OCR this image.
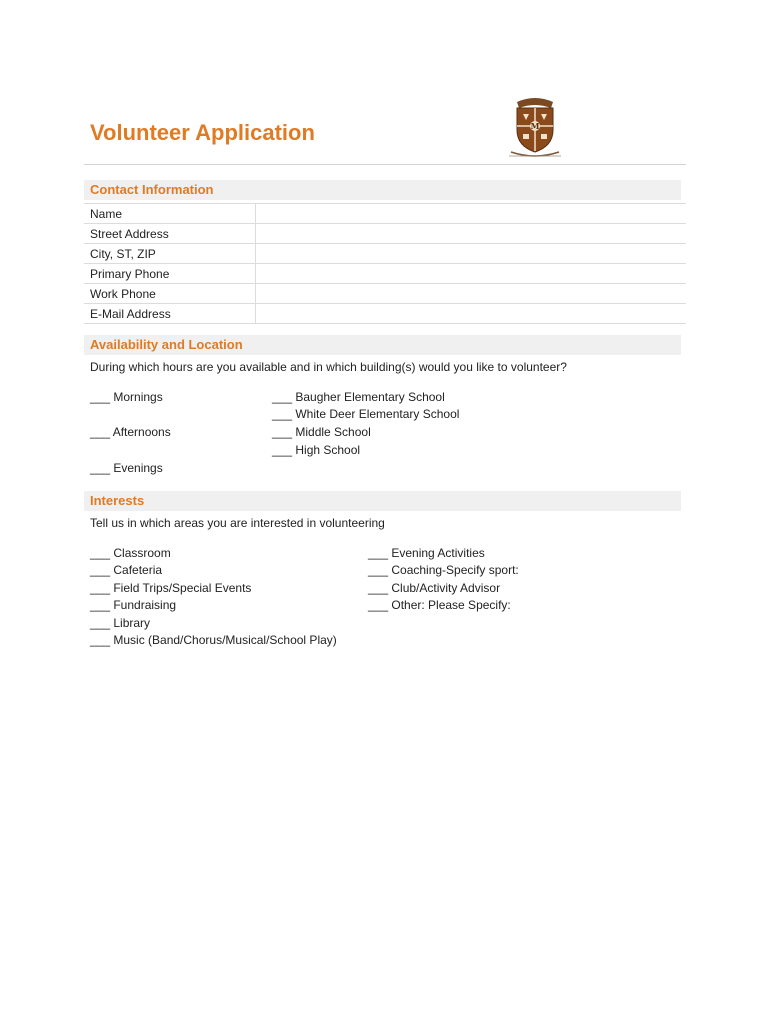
Volunteer Application	M
Contact Information
Name	
Street Address	
City, ST, ZIP	
Primary Phone	
Work Phone	
E-Mail Address	
Availability and Location
During which hours are you available and in which building(s) would you like to volunteer?
___ Mornings
___ Afternoons
___ Evenings
___ Baugher Elementary School
___ White Deer Elementary School
___ Middle School
___ High School
Interests
Tell us in which areas you are interested in volunteering
___ Classroom
___ Cafeteria
___ Field Trips/Special Events
___ Fundraising
___ Library
___ Music (Band/Chorus/Musical/School Play)
___ Evening Activities
___ Coaching-Specify sport:
___ Club/Activity Advisor
___ Other: Please Specify:
